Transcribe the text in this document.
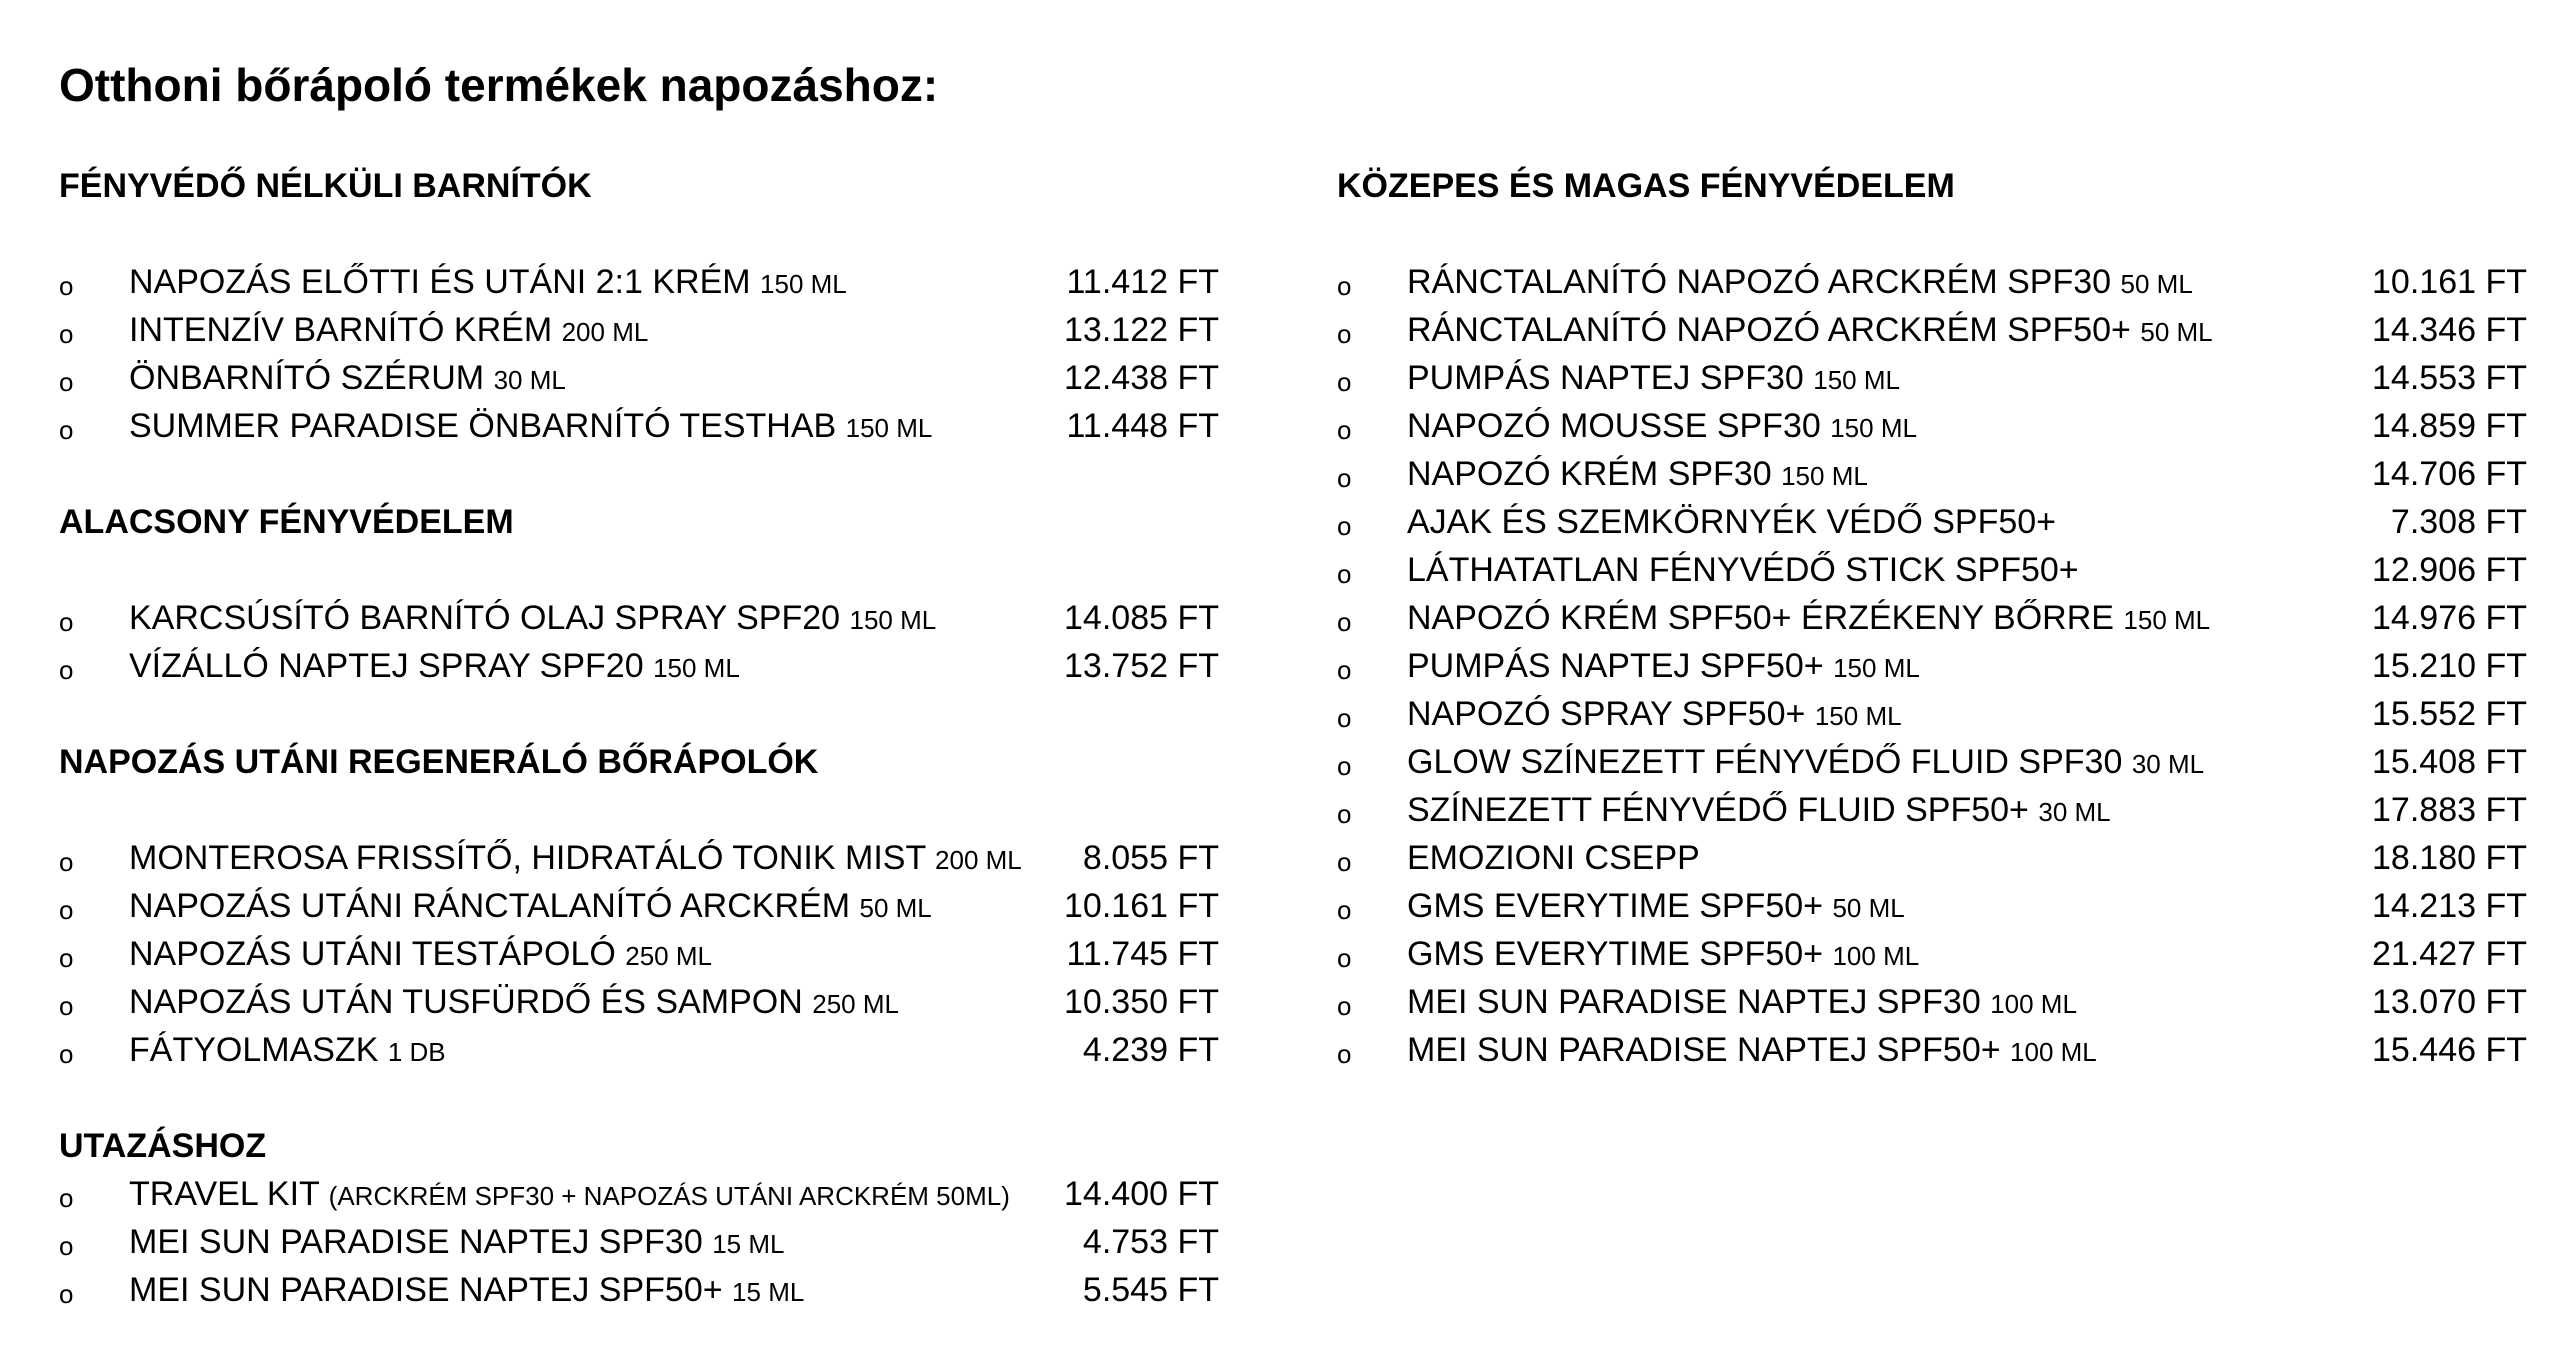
Otthoni bőrápoló termékek napozáshoz:
FÉNYVÉDŐ NÉLKÜLI BARNÍTÓK
o NAPOZÁS ELŐTTI ÉS UTÁNI 2:1 KRÉM 150 ML	11.412 FT
o INTENZÍV BARNÍTÓ KRÉM 200 ML	13.122 FT
o ÖNBARNÍTÓ SZÉRUM 30 ML	12.438 FT
o SUMMER PARADISE ÖNBARNÍTÓ TESTHAB 150 ML	11.448 FT
ALACSONY FÉNYVÉDELEM
o KARCSÚSÍTÓ BARNÍTÓ OLAJ SPRAY SPF20 150 ML	14.085 FT
o VÍZÁLLÓ NAPTEJ SPRAY SPF20 150 ML	13.752 FT
NAPOZÁS UTÁNI REGENERÁLÓ BŐRÁPOLÓK
o MONTEROSA FRISSÍTŐ, HIDRATÁLÓ TONIK MIST 200 ML 8.055 FT
o NAPOZÁS UTÁNI RÁNCTALANÍTÓ ARCKRÉM 50 ML	10.161 FT
o NAPOZÁS UTÁNI TESTÁPOLÓ 250 ML	11.745 FT
o NAPOZÁS UTÁN TUSFÜRDŐ ÉS SAMPON 250 ML	10.350 FT
o FÁTYOLMASZK 1 DB	4.239 FT
UTAZÁSHOZ
o TRAVEL KIT (ARCKRÉM SPF30 + NAPOZÁS UTÁNI ARCKRÉM 50ML) 14.400 FT
o MEI SUN PARADISE NAPTEJ SPF30 15 ML	4.753 FT
o MEI SUN PARADISE NAPTEJ SPF50+ 15 ML	5.545 FT
KÖZEPES ÉS MAGAS FÉNYVÉDELEM
o RÁNCTALANÍTÓ NAPOZÓ ARCKRÉM SPF30 50 ML	10.161 FT
o RÁNCTALANÍTÓ NAPOZÓ ARCKRÉM SPF50+ 50 ML	14.346 FT
o PUMPÁS NAPTEJ SPF30 150 ML	14.553 FT
o NAPOZÓ MOUSSE SPF30 150 ML	14.859 FT
o NAPOZÓ KRÉM SPF30 150 ML	14.706 FT
o AJAK ÉS SZEMKÖRNYÉK VÉDŐ SPF50+	7.308 FT
o LÁTHATATLAN FÉNYVÉDŐ STICK SPF50+	12.906 FT
o NAPOZÓ KRÉM SPF50+ ÉRZÉKENY BŐRRE 150 ML	14.976 FT
o PUMPÁS NAPTEJ SPF50+ 150 ML	15.210 FT
o NAPOZÓ SPRAY SPF50+ 150 ML	15.552 FT
o GLOW SZÍNEZETT FÉNYVÉDŐ FLUID SPF30 30 ML	15.408 FT
o SZÍNEZETT FÉNYVÉDŐ FLUID SPF50+ 30 ML	17.883 FT
o EMOZIONI CSEPP	18.180 FT
o GMS EVERYTIME SPF50+ 50 ML	14.213 FT
o GMS EVERYTIME SPF50+ 100 ML	21.427 FT
o MEI SUN PARADISE NAPTEJ SPF30 100 ML	13.070 FT
o MEI SUN PARADISE NAPTEJ SPF50+ 100 ML	15.446 FT
